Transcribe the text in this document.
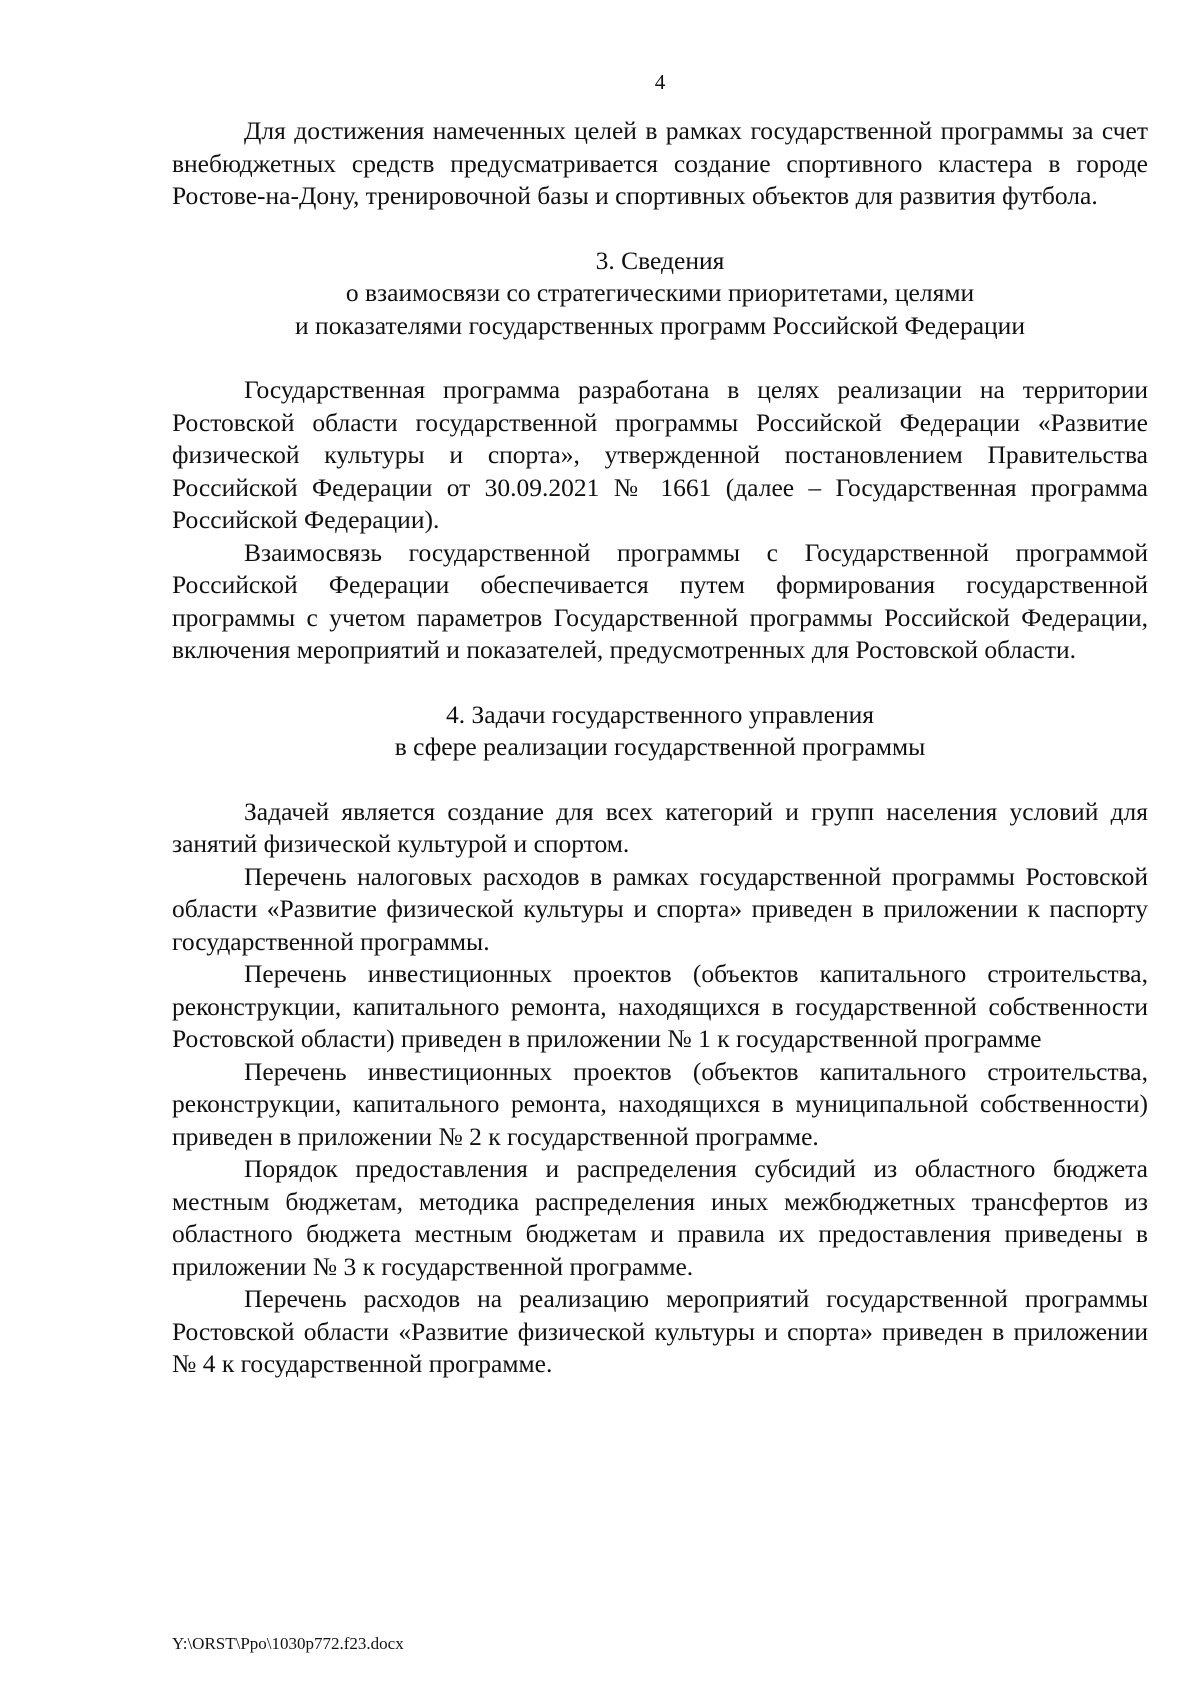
4

Для достижения намеченных целей в рамках государственной программы за счет внебюджетных средств предусматривается создание спортивного кластера в городе Ростове-на-Дону, тренировочной базы и спортивных объектов для развития футбола.

3. Сведения

о взаимосвязи со стратегическими приоритетами, целями

и показателями государственных программ Российской Федерации

Государственная программа разработана в целях реализации на территории Ростовской области государственной программы Российской Федерации «Развитие физической культуры и спорта», утвержденной постановлением Правительства Российской Федерации от 30.09.2021 № 1661 (далее – Государственная программа Российской Федерации).

Взаимосвязь государственной программы с Государственной программой Российской Федерации обеспечивается путем формирования государственной программы с учетом параметров Государственной программы Российской Федерации, включения мероприятий и показателей, предусмотренных для Ростовской области.

4. Задачи государственного управления

в сфере реализации государственной программы

Задачей является создание для всех категорий и групп населения условий для занятий физической культурой и спортом.

Перечень налоговых расходов в рамках государственной программы Ростовской области «Развитие физической культуры и спорта» приведен в приложении к паспорту государственной программы.

Перечень инвестиционных проектов (объектов капитального строительства, реконструкции, капитального ремонта, находящихся в государственной собственности Ростовской области) приведен в приложении № 1 к государственной программе

Перечень инвестиционных проектов (объектов капитального строительства, реконструкции, капитального ремонта, находящихся в муниципальной собственности) приведен в приложении № 2 к государственной программе.

Порядок предоставления и распределения субсидий из областного бюджета местным бюджетам, методика распределения иных межбюджетных трансфертов из областного бюджета местным бюджетам и правила их предоставления приведены в приложении № 3 к государственной программе.

Перечень расходов на реализацию мероприятий государственной программы Ростовской области «Развитие физической культуры и спорта» приведен в приложении № 4 к государственной программе.

Y:\ORST\Ppo\1030p772.f23.docx
